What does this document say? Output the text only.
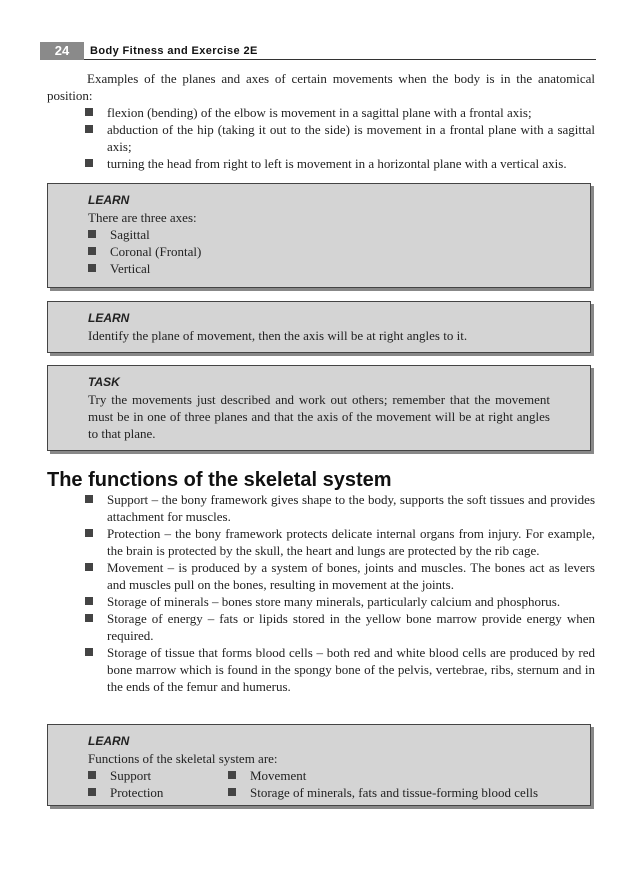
24	Body Fitness and Exercise 2E
Examples of the planes and axes of certain movements when the body is in the anatomical position:
flexion (bending) of the elbow is movement in a sagittal plane with a frontal axis;
abduction of the hip (taking it out to the side) is movement in a frontal plane with a sagittal axis;
turning the head from right to left is movement in a horizontal plane with a vertical axis.
LEARN
There are three axes:
Sagittal
Coronal (Frontal)
Vertical
LEARN
Identify the plane of movement, then the axis will be at right angles to it.
TASK
Try the movements just described and work out others; remember that the movement must be in one of three planes and that the axis of the movement will be at right angles to that plane.
The functions of the skeletal system
Support – the bony framework gives shape to the body, supports the soft tissues and provides attachment for muscles.
Protection – the bony framework protects delicate internal organs from injury. For example, the brain is protected by the skull, the heart and lungs are protected by the rib cage.
Movement – is produced by a system of bones, joints and muscles. The bones act as levers and muscles pull on the bones, resulting in movement at the joints.
Storage of minerals – bones store many minerals, particularly calcium and phosphorus.
Storage of energy – fats or lipids stored in the yellow bone marrow provide energy when required.
Storage of tissue that forms blood cells – both red and white blood cells are produced by red bone marrow which is found in the spongy bone of the pelvis, vertebrae, ribs, sternum and in the ends of the femur and humerus.
LEARN
Functions of the skeletal system are:
Support	Movement
Protection	Storage of minerals, fats and tissue-forming blood cells
